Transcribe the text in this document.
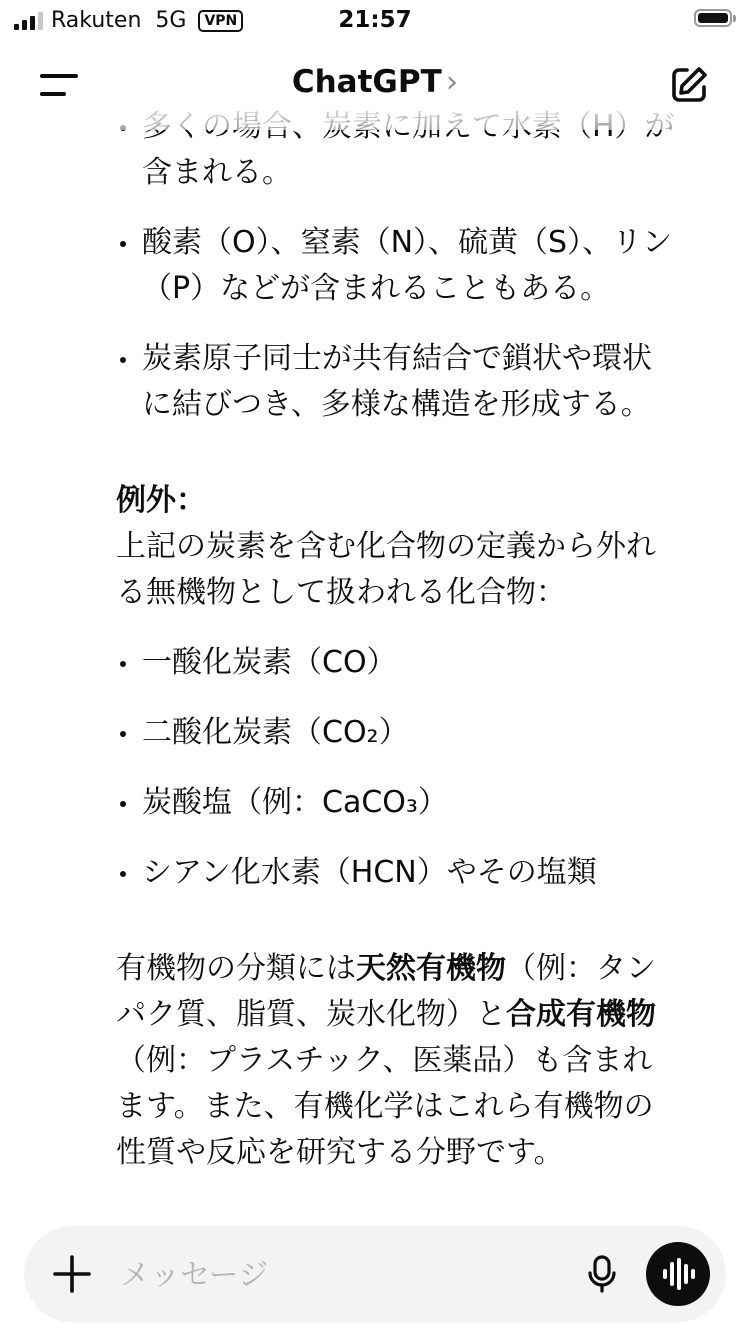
Rakuten 5G	VPN	21:57
含まれる。
酸素（O）、窒素（N）、硫黄（S）、リン
（P）などが含まれることもある。
炭素原子同士が共有結合で鎖状や環状
に結びつき、多様な構造を形成する。
例外：
上記の炭素を含む化合物の定義から外れ
る無機物として扱われる化合物：
一酸化炭素（CO）
二酸化炭素（CO₂）
炭酸塩（例：CaCO₃）
シアン化水素（HCN）やその塩類
有機物の分類には天然有機物（例：タン
パク質、脂質、炭水化物）と合成有機物
（例：プラスチック、医薬品）も含まれ
ます。また、有機化学はこれら有機物の
性質や反応を研究する分野です。
ChatGPT ›
メッセージ
